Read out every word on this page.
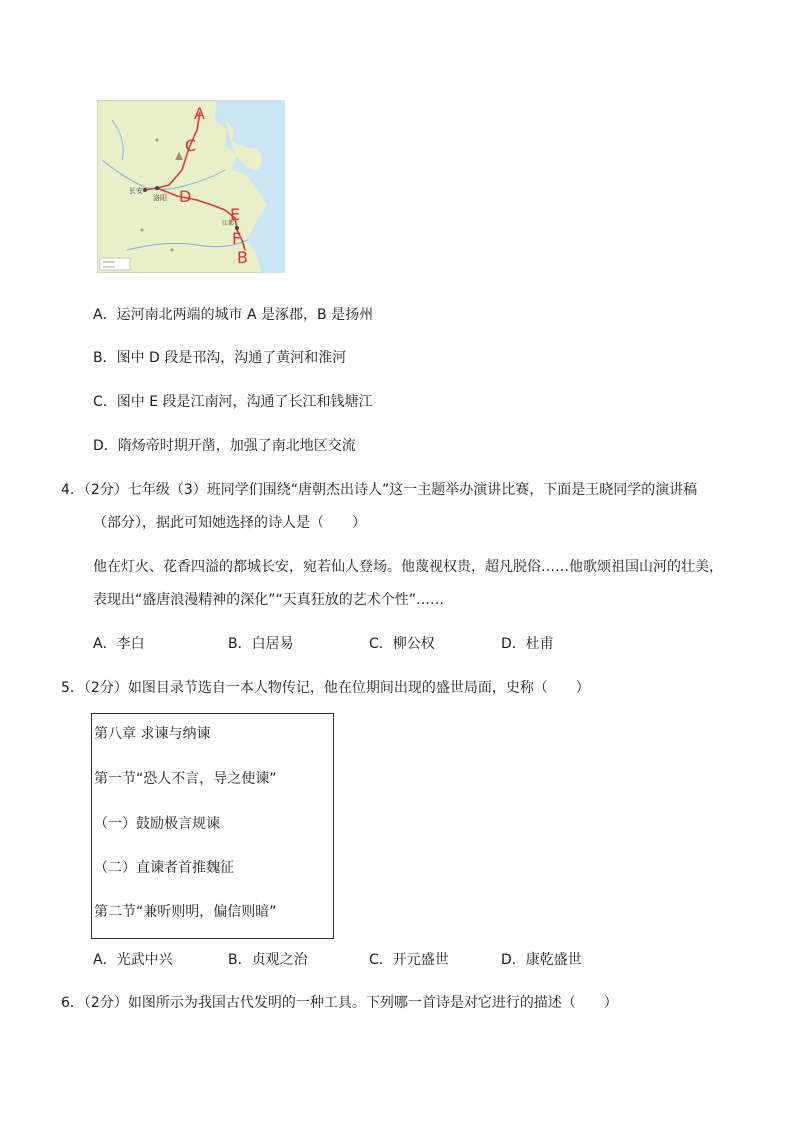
长安
洛阳
江都
A
B
C
D
E
F
A．运河南北两端的城市 A 是涿郡，B 是扬州
B．图中 D 段是邗沟，沟通了黄河和淮河
C．图中 E 段是江南河，沟通了长江和钱塘江
D．隋炀帝时期开凿，加强了南北地区交流
4．（2分）七年级（3）班同学们围绕“唐朝杰出诗人”这一主题举办演讲比赛，下面是王晓同学的演讲稿
（部分），据此可知她选择的诗人是（　　）
他在灯火、花香四溢的都城长安，宛若仙人登场。他蔑视权贵，超凡脱俗……他歌颂祖国山河的壮美，
表现出“盛唐浪漫精神的深化”“天真狂放的艺术个性”……
A．李白	B．白居易	C．柳公权	D．杜甫
5．（2分）如图目录节选自一本人物传记，他在位期间出现的盛世局面，史称（　　）
第八章 求谏与纳谏
第一节“恐人不言，导之使谏”
（一）鼓励极言规谏
（二）直谏者首推魏征
第二节“兼听则明，偏信则暗”
A．光武中兴	B．贞观之治	C．开元盛世	D．康乾盛世
6．（2分）如图所示为我国古代发明的一种工具。下列哪一首诗是对它进行的描述（　　）
